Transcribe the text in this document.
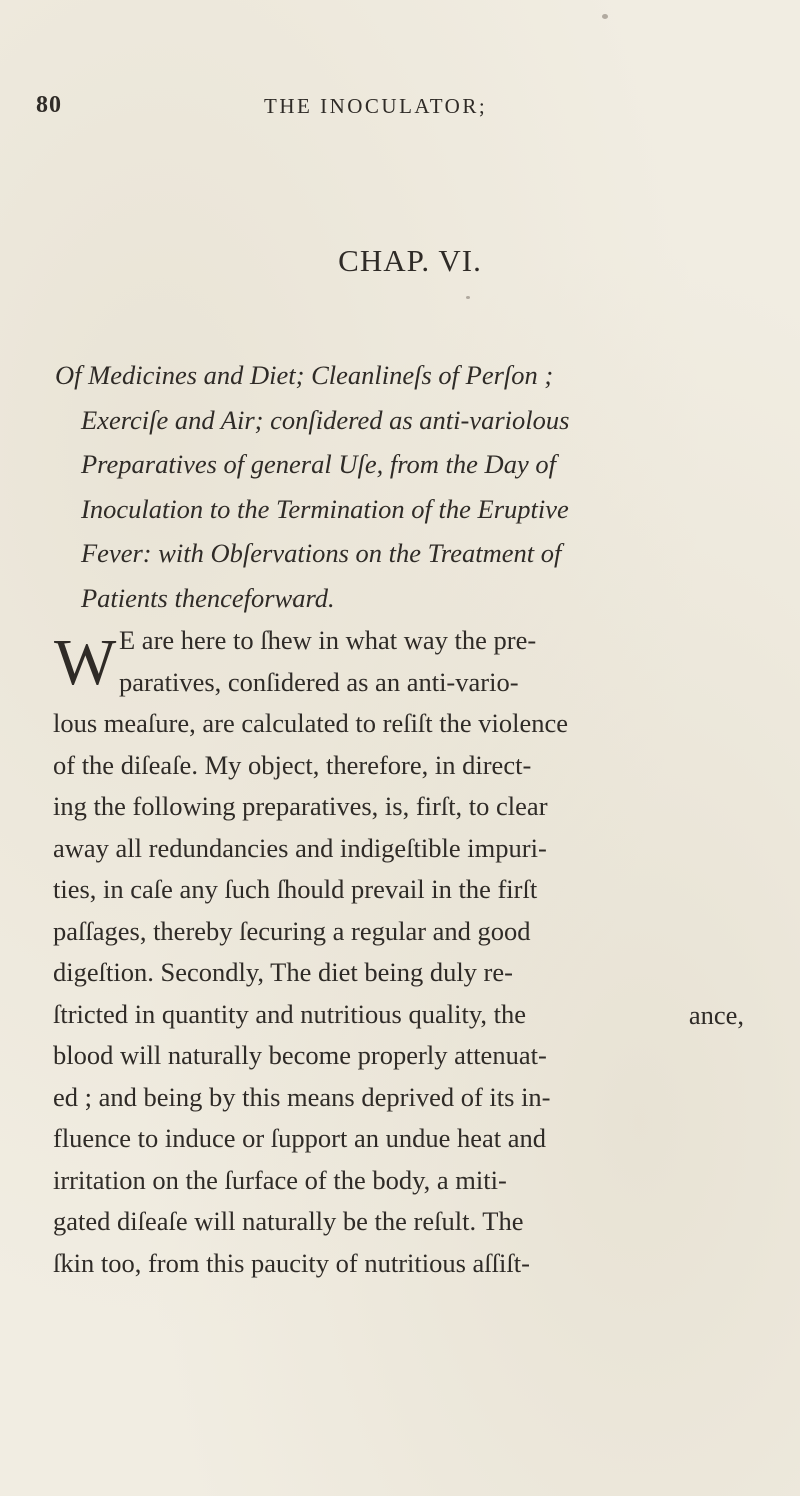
80	THE INOCULATOR;
CHAP. VI.
Of Medicines and Diet; Cleanlineſs of Perſon ;
Exerciſe and Air; conſidered as anti-variolous
Preparatives of general Uſe, from the Day of
Inoculation to the Termination of the Eruptive
Fever: with Obſervations on the Treatment of
Patients thenceforward.
W E are here to ſhew in what way the pre-
paratives, conſidered as an anti-vario-
lous meaſure, are calculated to reſiſt the violence
of the diſeaſe. My object, therefore, in direct-
ing the following preparatives, is, firſt, to clear
away all redundancies and indigeſtible impuri-
ties, in caſe any ſuch ſhould prevail in the firſt
paſſages, thereby ſecuring a regular and good
digeſtion. Secondly, The diet being duly re-
ſtricted in quantity and nutritious quality, the
blood will naturally become properly attenuat-
ed ; and being by this means deprived of its in-
fluence to induce or ſupport an undue heat and
irritation on the ſurface of the body, a miti-
gated diſeaſe will naturally be the reſult. The
ſkin too, from this paucity of nutritious aſſiſt-
ance,
